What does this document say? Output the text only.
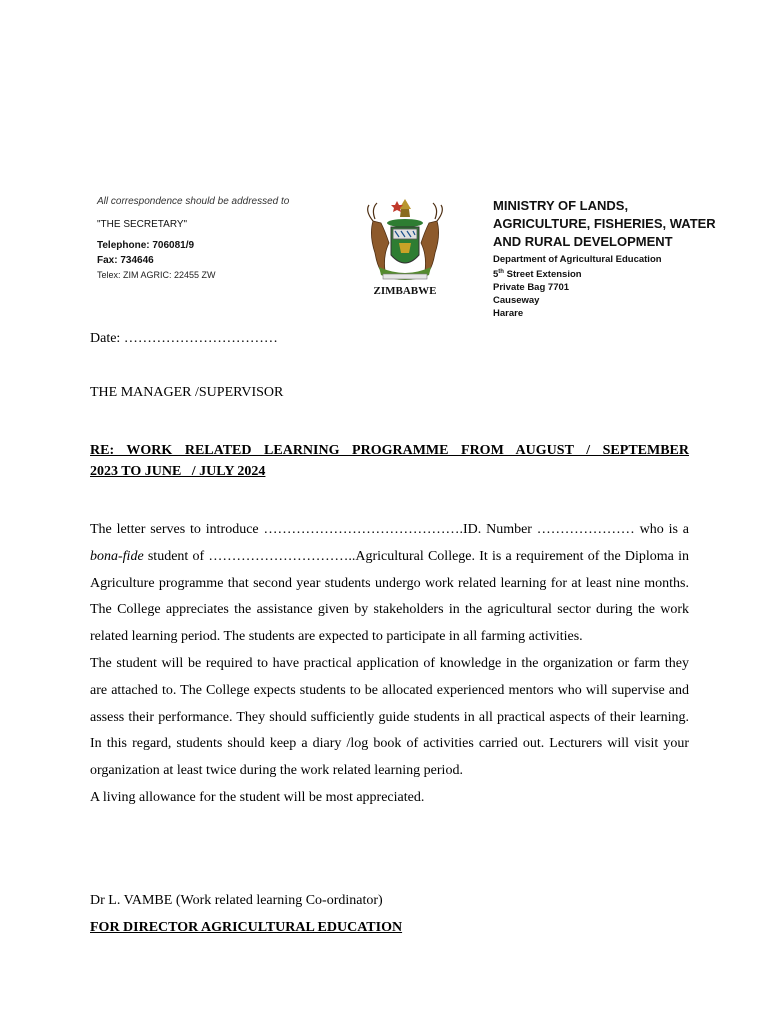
All correspondence should be addressed to
"THE SECRETARY"
Telephone: 706081/9
Fax: 734646
Telex: ZIM AGRIC: 22455 ZW
ZIMBABWE
MINISTRY OF LANDS,
AGRICULTURE, FISHERIES, WATER
AND RURAL DEVELOPMENT
Department of Agricultural Education
5th Street Extension
Private Bag 7701
Causeway
Harare
Date: ……………………………
THE MANAGER /SUPERVISOR
RE: WORK RELATED LEARNING PROGRAMME FROM AUGUST / SEPTEMBER
2023 TO JUNE   / JULY 2024

The letter serves to introduce …………………………………….ID. Number ………………… who is a bona-fide student of …………………………..Agricultural College. It is a requirement of the Diploma in Agriculture programme that second year students undergo work related learning for at least nine months. The College appreciates the assistance given by stakeholders in the agricultural sector during the work related learning period. The students are expected to participate in all farming activities.

The student will be required to have practical application of knowledge in the organization or farm they are attached to. The College expects students to be allocated experienced mentors who will supervise and assess their performance. They should sufficiently guide students in all practical aspects of their learning. In this regard, students should keep a diary /log book of activities carried out. Lecturers will visit your organization at least twice during the work related learning period.

A living allowance for the student will be most appreciated.

Dr L. VAMBE (Work related learning Co-ordinator)
FOR DIRECTOR AGRICULTURAL EDUCATION
